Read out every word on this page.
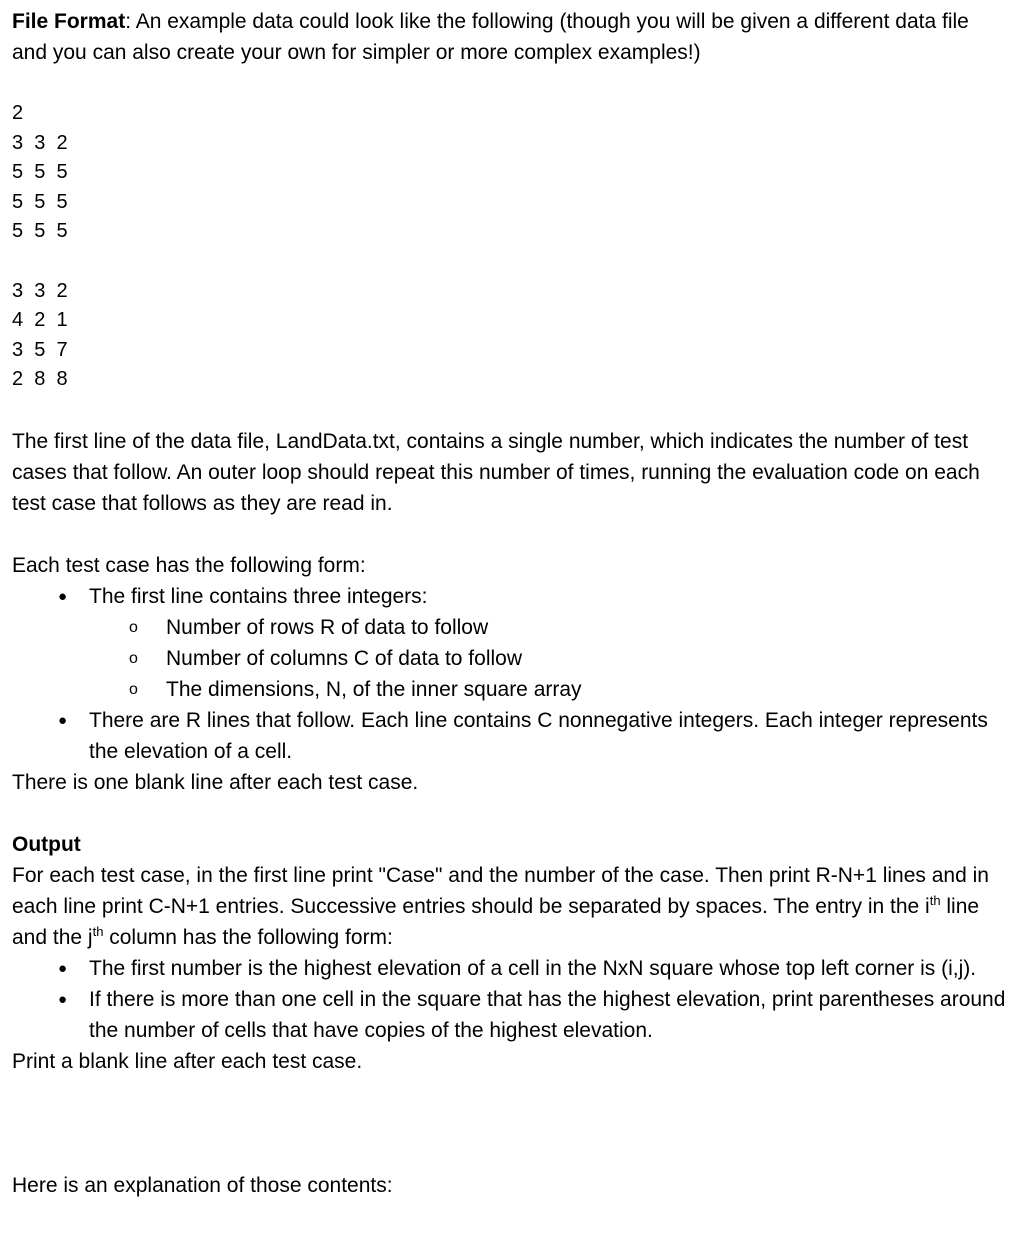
File Format: An example data could look like the following (though you will be given a different data file and you can also create your own for simpler or more complex examples!)

2
3  3  2
5  5  5
5  5  5
5  5  5
3  3  2
4  2  1
3  5  7
2  8  8

The first line of the data file, LandData.txt, contains a single number, which indicates the number of test cases that follow. An outer loop should repeat this number of times, running the evaluation code on each test case that follows as they are read in.

Each test case has the following form:

● The first line contains three integers:
o Number of rows R of data to follow
o Number of columns C of data to follow
o The dimensions, N, of the inner square array
● There are R lines that follow. Each line contains C nonnegative integers. Each integer represents the elevation of a cell.

There is one blank line after each test case.

Output

For each test case, in the first line print "Case" and the number of the case. Then print R-N+1 lines and in each line print C-N+1 entries. Successive entries should be separated by spaces. The entry in the $i^{th}$ line and the $j^{th}$ column has the following form:

● The first number is the highest elevation of a cell in the NxN square whose top left corner is (i,j).
● If there is more than one cell in the square that has the highest elevation, print parentheses around the number of cells that have copies of the highest elevation.

Print a blank line after each test case.

Here is an explanation of those contents:
